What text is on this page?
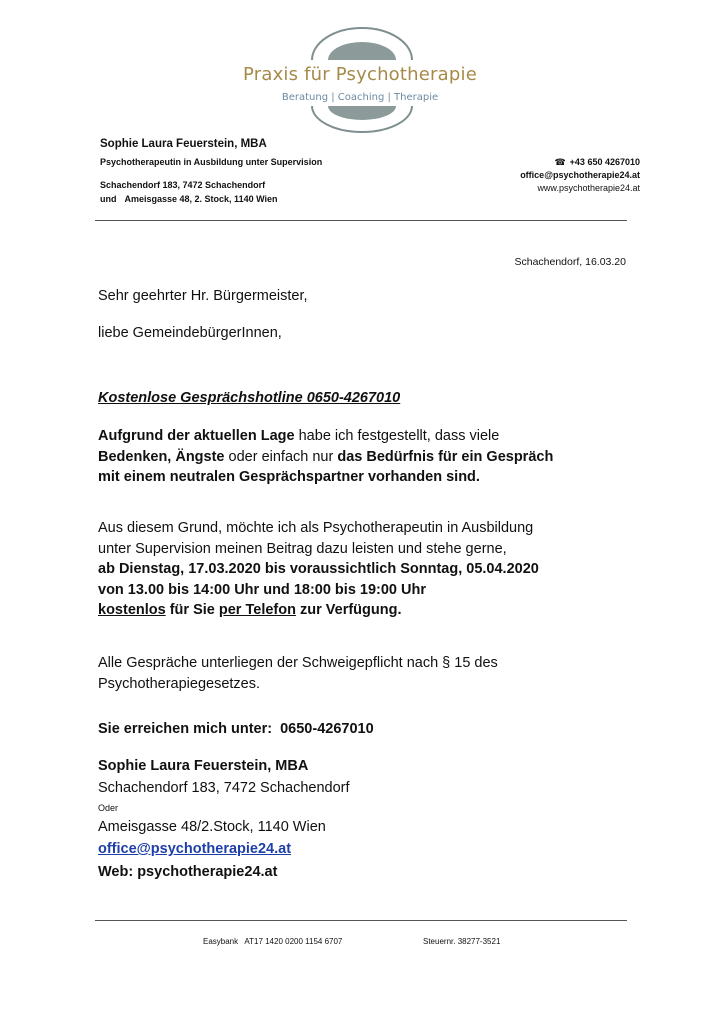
Praxis für Psychotherapie
Beratung | Coaching | Therapie
Sophie Laura Feuerstein, MBA
Psychotherapeutin in Ausbildung unter Supervision
Schachendorf 183, 7472 Schachendorf
und Ameisgasse 48, 2. Stock, 1140 Wien
☎ +43 650 4267010
office@psychotherapie24.at
www.psychotherapie24.at
Schachendorf, 16.03.20
Sehr geehrter Hr. Bürgermeister,
liebe GemeindebürgerInnen,
Kostenlose Gesprächshotline 0650-4267010
Aufgrund der aktuellen Lage habe ich festgestellt, dass viele
Bedenken, Ängste oder einfach nur das Bedürfnis für ein Gespräch
mit einem neutralen Gesprächspartner vorhanden sind.
Aus diesem Grund, möchte ich als Psychotherapeutin in Ausbildung
unter Supervision meinen Beitrag dazu leisten und stehe gerne,
ab Dienstag, 17.03.2020 bis voraussichtlich Sonntag, 05.04.2020
von 13.00 bis 14:00 Uhr und 18:00 bis 19:00 Uhr
kostenlos für Sie per Telefon zur Verfügung.
Alle Gespräche unterliegen der Schweigepflicht nach § 15 des
Psychotherapiegesetzes.
Sie erreichen mich unter:  0650-4267010
Sophie Laura Feuerstein, MBA
Schachendorf 183, 7472 Schachendorf
Oder
Ameisgasse 48/2.Stock, 1140 Wien
office@psychotherapie24.at
Web: psychotherapie24.at
Easybank   AT17 1420 0200 1154 6707	Steuernr. 38277-3521
